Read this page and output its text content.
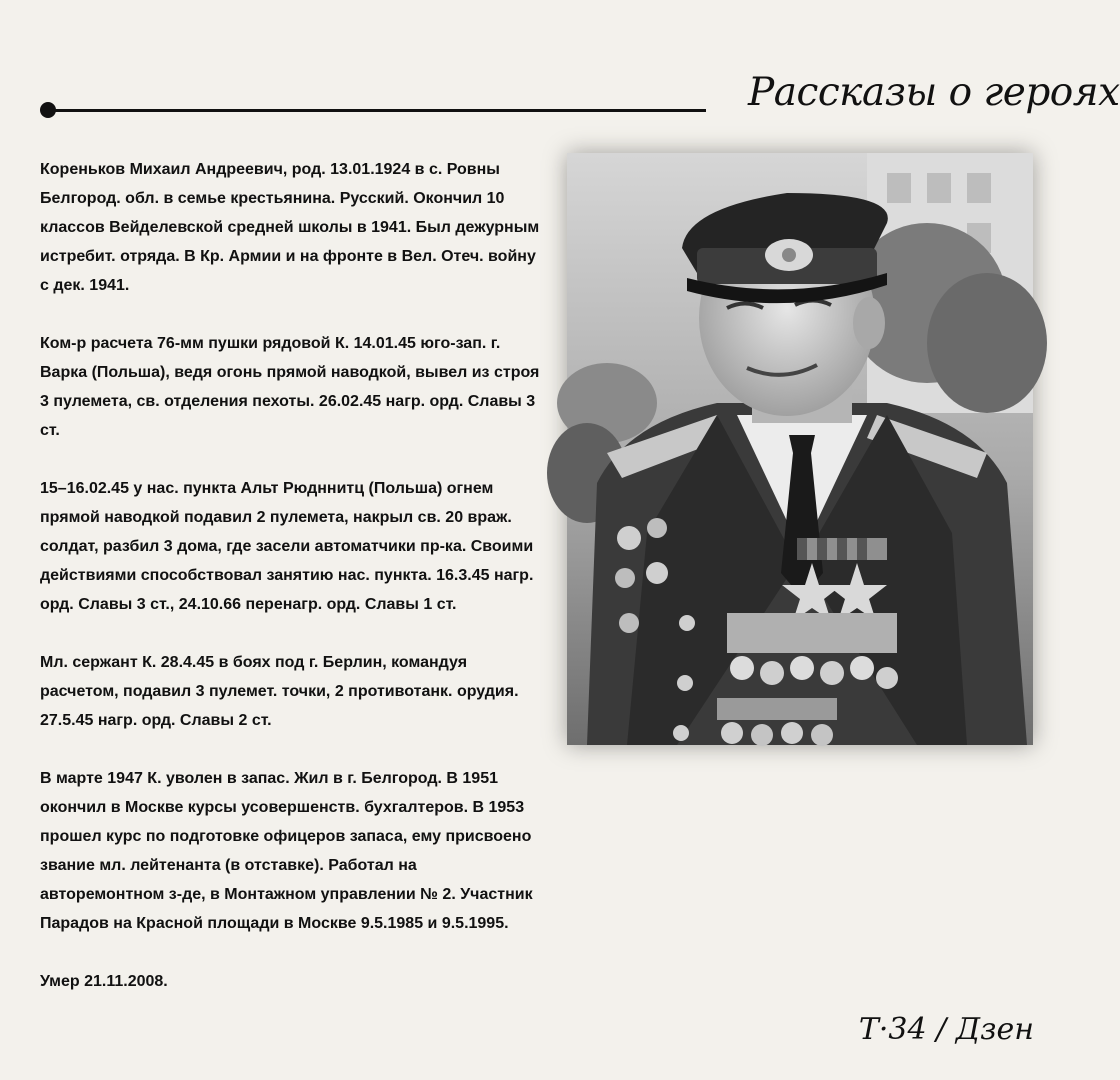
Рассказы о героях

Кореньков Михаил Андреевич, род. 13.01.1924 в с. Ровны Белгород. обл. в семье крестьянина. Русский. Окончил 10 классов Вейделевской средней школы в 1941. Был дежурным истребит. отряда. В Кр. Армии и на фронте в Вел. Отеч. войну с дек. 1941.

Ком-р расчета 76-мм пушки рядовой К. 14.01.45 юго-зап. г. Варка (Польша), ведя огонь прямой наводкой, вывел из строя 3 пулемета, св. отделения пехоты. 26.02.45 нагр. орд. Славы 3 ст.

15–16.02.45 у нас. пункта Альт Рюдннитц (Польша) огнем прямой наводкой подавил 2 пулемета, накрыл св. 20 враж. солдат, разбил 3 дома, где засели автоматчики пр-ка. Своими действиями способствовал занятию нас. пункта. 16.3.45 нагр. орд. Славы 3 ст., 24.10.66 перенагр. орд. Славы 1 ст.

Мл. сержант К. 28.4.45 в боях под г. Берлин, командуя расчетом, подавил 3 пулемет. точки, 2 противотанк. орудия. 27.5.45 нагр. орд. Славы 2 ст.

В марте 1947 К. уволен в запас. Жил в г. Белгород. В 1951 окончил в Москве курсы усовершенств. бухгалтеров. В 1953 прошел курс по подготовке офицеров запаса, ему присвоено звание мл. лейтенанта (в отставке). Работал на авторемонтном з-де, в Монтажном управлении № 2. Участник Парадов на Красной площади в Москве 9.5.1985 и 9.5.1995.

Умер 21.11.2008.

Т·34 / Дзен
